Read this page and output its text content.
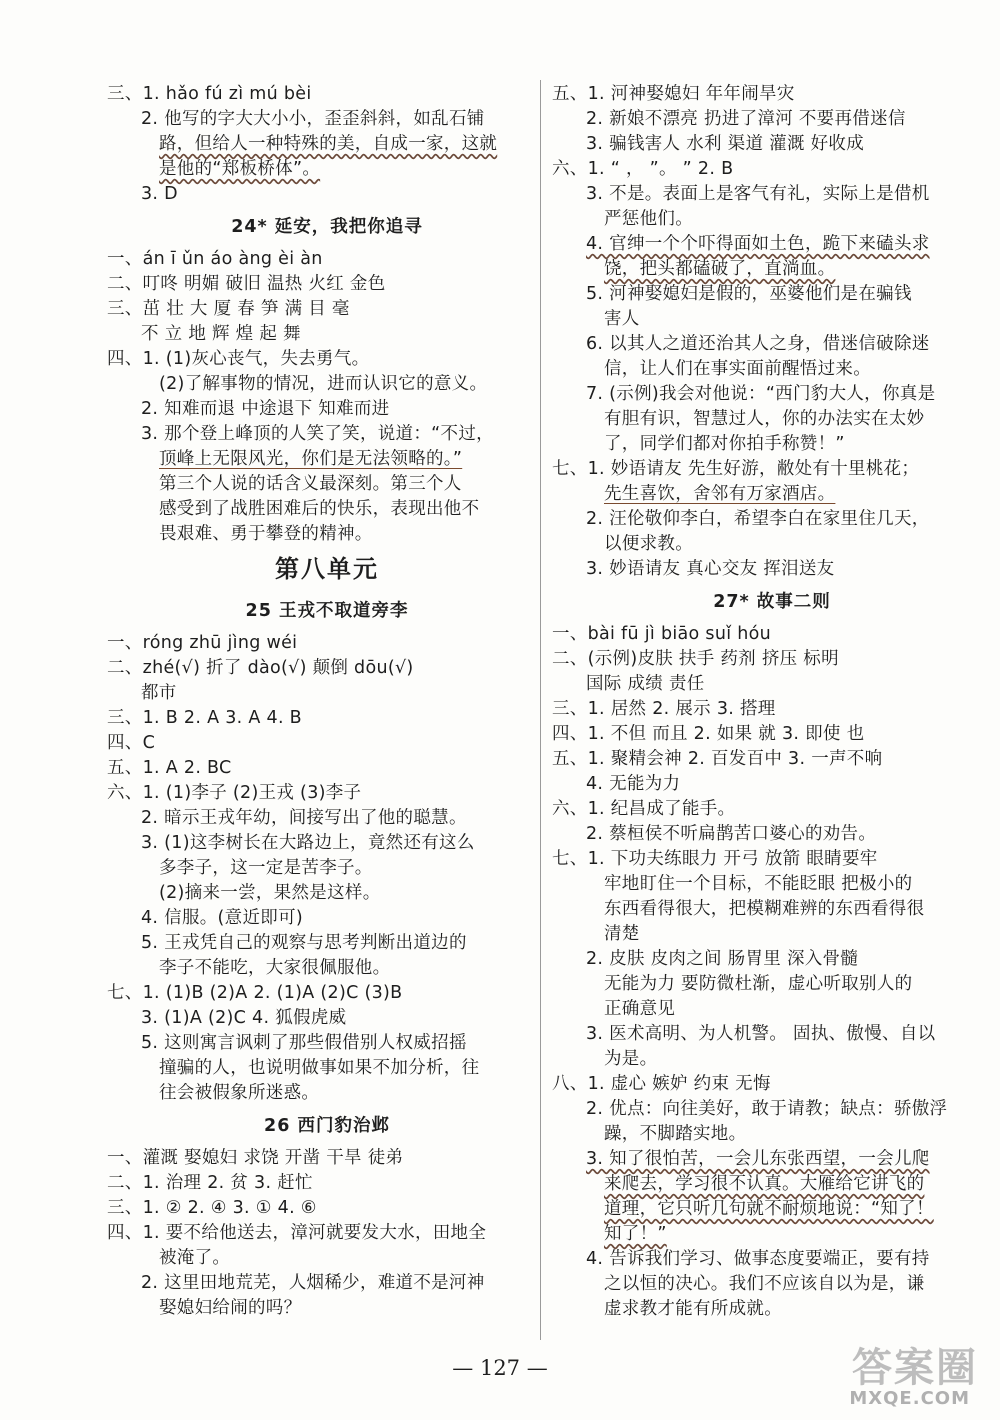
三、1. hǎo fú zì mú bèi
2. 他写的字大大小小，歪歪斜斜，如乱石铺
路，但给人一种特殊的美，自成一家，这就
是他的“郑板桥体”。
3. D
24* 延安，我把你追寻
一、án ī ǔn áo àng èi àn
二、叮咚 明媚 破旧 温热 火红 金色
三、茁 壮 大 厦 春 笋 满 目 毫
不 立 地 辉 煌 起 舞
四、1. (1)灰心丧气，失去勇气。
(2)了解事物的情况，进而认识它的意义。
2. 知难而退 中途退下 知难而进
3. 那个登上峰顶的人笑了笑，说道：“不过，
顶峰上无限风光，你们是无法领略的。”
第三个人说的话含义最深刻。第三个人
感受到了战胜困难后的快乐，表现出他不
畏艰难、勇于攀登的精神。
第八单元
25 王戎不取道旁李
一、róng zhū jìng wéi
二、zhé(√) 折了 dào(√) 颠倒 dōu(√)
都市
三、1. B 2. A 3. A 4. B
四、C
五、1. A 2. BC
六、1. (1)李子 (2)王戎 (3)李子
2. 暗示王戎年幼，间接写出了他的聪慧。
3. (1)这李树长在大路边上，竟然还有这么
多李子，这一定是苦李子。
(2)摘来一尝，果然是这样。
4. 信服。(意近即可)
5. 王戎凭自己的观察与思考判断出道边的
李子不能吃，大家很佩服他。
七、1. (1)B (2)A 2. (1)A (2)C (3)B
3. (1)A (2)C 4. 狐假虎威
5. 这则寓言讽刺了那些假借别人权威招摇
撞骗的人，也说明做事如果不加分析，往
往会被假象所迷惑。
26 西门豹治邺
一、灌溉 娶媳妇 求饶 开凿 干旱 徒弟
二、1. 治理 2. 贫 3. 赶忙
三、1. ② 2. ④ 3. ① 4. ⑥
四、1. 要不给他送去，漳河就要发大水，田地全
被淹了。
2. 这里田地荒芜，人烟稀少，难道不是河神
娶媳妇给闹的吗？
五、1. 河神娶媳妇 年年闹旱灾
2. 新娘不漂亮 扔进了漳河 不要再借迷信
3. 骗钱害人 水利 渠道 灌溉 好收成
六、1. “ ， ”。 ” 2. B
3. 不是。表面上是客气有礼，实际上是借机
严惩他们。
4. 官绅一个个吓得面如土色，跪下来磕头求
饶，把头都磕破了，直淌血。
5. 河神娶媳妇是假的，巫婆他们是在骗钱
害人
6. 以其人之道还治其人之身，借迷信破除迷
信，让人们在事实面前醒悟过来。
7. (示例)我会对他说：“西门豹大人，你真是
有胆有识，智慧过人，你的办法实在太妙
了，同学们都对你拍手称赞！”
七、1. 妙语请友 先生好游，敝处有十里桃花；
先生喜饮，舍邻有万家酒店。
2. 汪伦敬仰李白，希望李白在家里住几天，
以便求教。
3. 妙语请友 真心交友 挥泪送友
27* 故事二则
一、bài fū jì biāo suǐ hóu
二、(示例)皮肤 扶手 药剂 挤压 标明
国际 成绩 责任
三、1. 居然 2. 展示 3. 搭理
四、1. 不但 而且 2. 如果 就 3. 即使 也
五、1. 聚精会神 2. 百发百中 3. 一声不响
4. 无能为力
六、1. 纪昌成了能手。
2. 蔡桓侯不听扁鹊苦口婆心的劝告。
七、1. 下功夫练眼力 开弓 放箭 眼睛要牢
牢地盯住一个目标，不能眨眼 把极小的
东西看得很大，把模糊难辨的东西看得很
清楚
2. 皮肤 皮肉之间 肠胃里 深入骨髓
无能为力 要防微杜渐，虚心听取别人的
正确意见
3. 医术高明、为人机警。 固执、傲慢、自以
为是。
八、1. 虚心 嫉妒 约束 无悔
2. 优点：向往美好，敢于请教；缺点：骄傲浮
躁，不脚踏实地。
3. 知了很怕苦，一会儿东张西望，一会儿爬
来爬去，学习很不认真。大雁给它讲飞的
道理，它只听几句就不耐烦地说：“知了！
知了！”
4. 告诉我们学习、做事态度要端正，要有持
之以恒的决心。我们不应该自以为是，谦
虚求教才能有所成就。
— 127 —	答案圈
MXQE.COM
